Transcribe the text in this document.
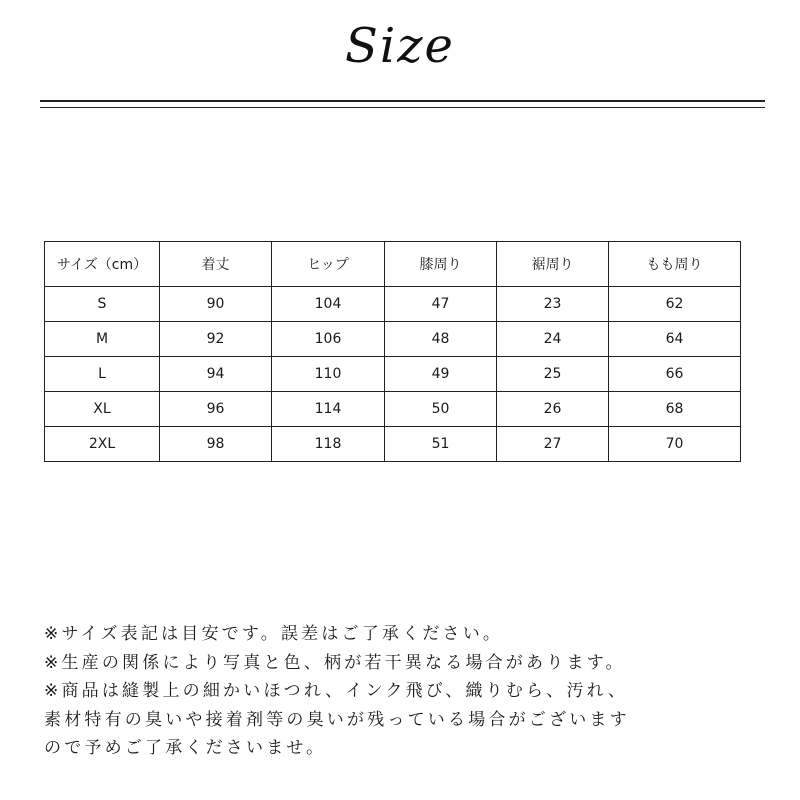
Size
サイズ（cm）	着丈	ヒップ	膝周り	裾周り	もも周り
S	90	104	47	23	62
M	92	106	48	24	64
L	94	110	49	25	66
XL	96	114	50	26	68
2XL	98	118	51	27	70
※サイズ表記は目安です。誤差はご了承ください。
※生産の関係により写真と色、柄が若干異なる場合があります。
※商品は縫製上の細かいほつれ、インク飛び、織りむら、汚れ、
素材特有の臭いや接着剤等の臭いが残っている場合がございます
ので予めご了承くださいませ。
